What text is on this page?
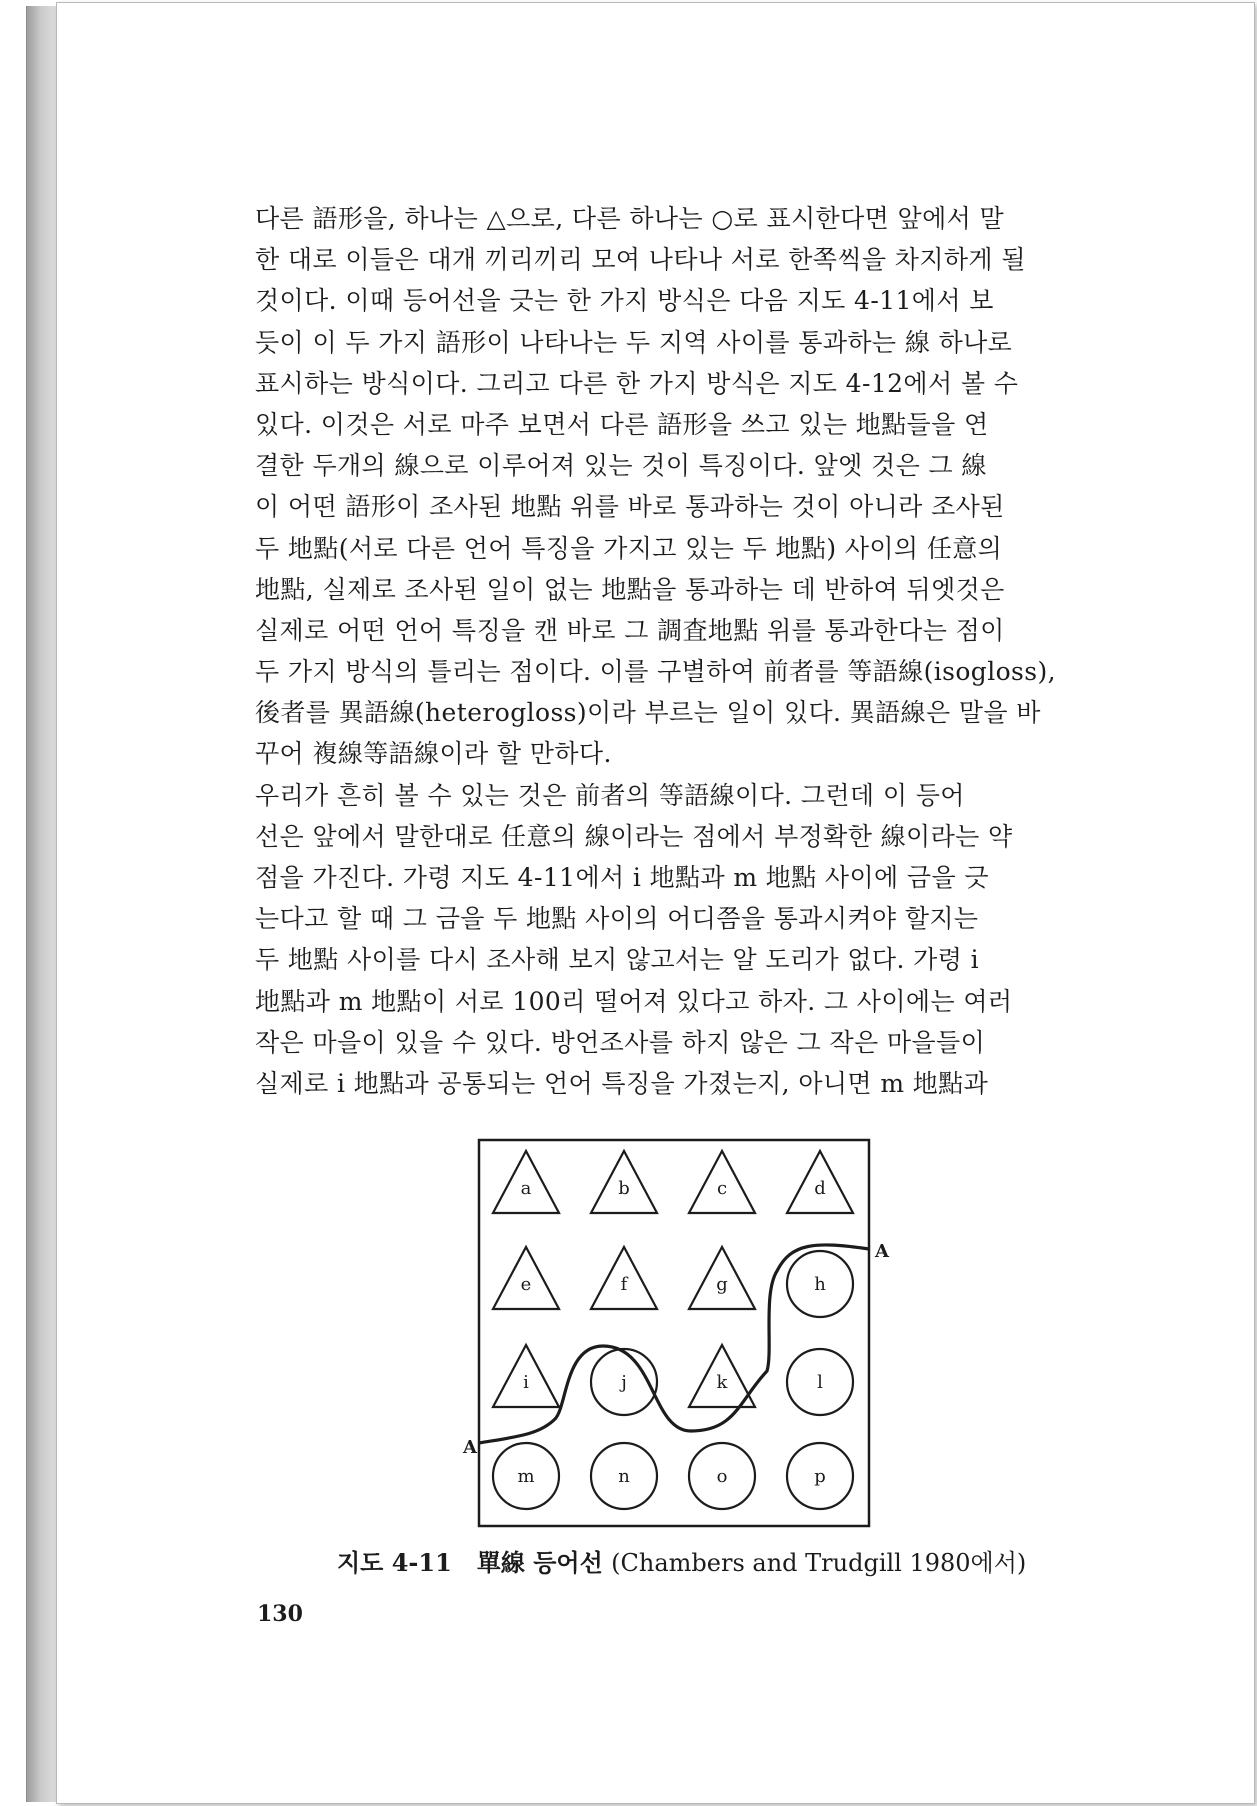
다른 語形을, 하나는 △으로, 다른 하나는 ○로 표시한다면 앞에서 말
한 대로 이들은 대개 끼리끼리 모여 나타나 서로 한쪽씩을 차지하게 될
것이다. 이때 등어선을 긋는 한 가지 방식은 다음 지도 4-11에서 보
듯이 이 두 가지 語形이 나타나는 두 지역 사이를 통과하는 線 하나로
표시하는 방식이다. 그리고 다른 한 가지 방식은 지도 4-12에서 볼 수
있다. 이것은 서로 마주 보면서 다른 語形을 쓰고 있는 地點들을 연
결한 두개의 線으로 이루어져 있는 것이 특징이다. 앞엣 것은 그 線
이 어떤 語形이 조사된 地點 위를 바로 통과하는 것이 아니라 조사된
두 地點(서로 다른 언어 특징을 가지고 있는 두 地點) 사이의 任意의
地點, 실제로 조사된 일이 없는 地點을 통과하는 데 반하여 뒤엣것은
실제로 어떤 언어 특징을 캔 바로 그 調査地點 위를 통과한다는 점이
두 가지 방식의 틀리는 점이다. 이를 구별하여 前者를 等語線(isogloss),
後者를 異語線(heterogloss)이라 부르는 일이 있다. 異語線은 말을 바
꾸어 複線等語線이라 할 만하다.
우리가 흔히 볼 수 있는 것은 前者의 等語線이다. 그런데 이 등어
선은 앞에서 말한대로 任意의 線이라는 점에서 부정확한 線이라는 약
점을 가진다. 가령 지도 4-11에서 i 地點과 m 地點 사이에 금을 긋
는다고 할 때 그 금을 두 地點 사이의 어디쯤을 통과시켜야 할지는
두 地點 사이를 다시 조사해 보지 않고서는 알 도리가 없다. 가령 i
地點과 m 地點이 서로 100리 떨어져 있다고 하자. 그 사이에는 여러
작은 마을이 있을 수 있다. 방언조사를 하지 않은 그 작은 마을들이
실제로 i 地點과 공통되는 언어 특징을 가졌는지, 아니면 m 地點과
a	b	c	d
e	f	g	h
i	j	k	l
m	n	o	p
A
A
지도 4-11 單線 등어선 (Chambers and Trudgill 1980에서)
130
